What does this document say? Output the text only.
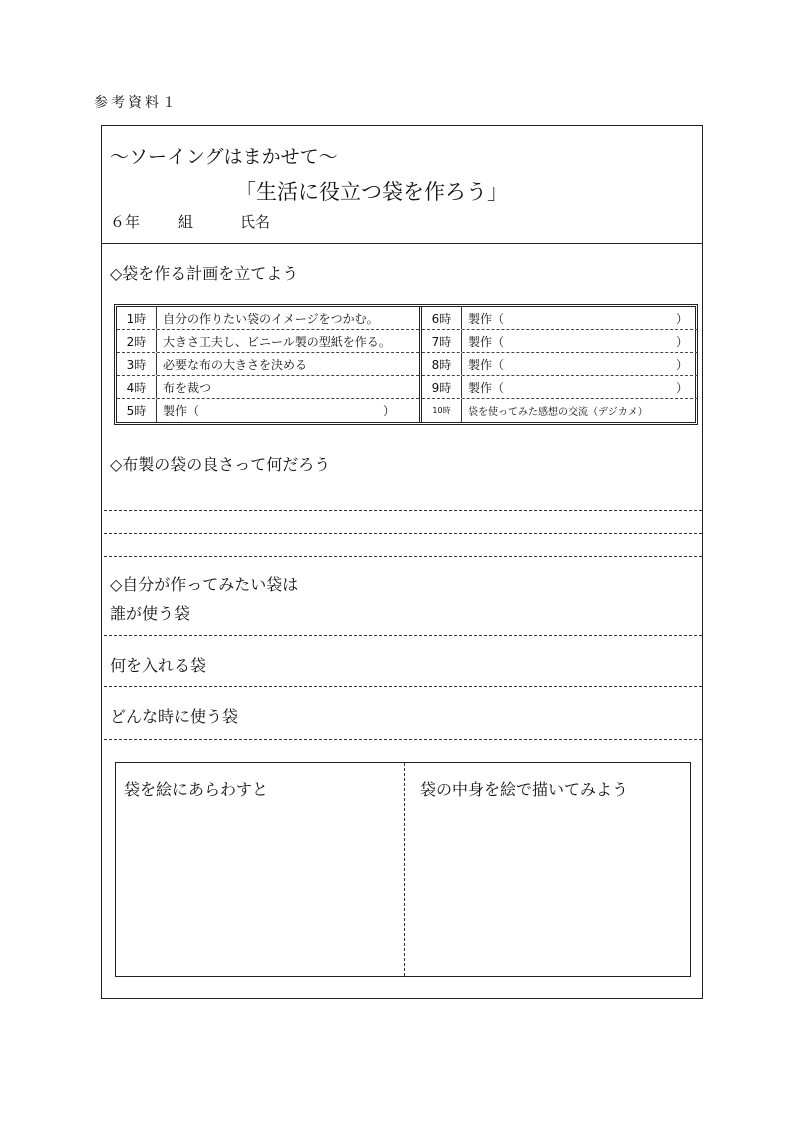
参考資料１
～ソーイングはまかせて～
「生活に役立つ袋を作ろう」
６年	組	氏名
◇袋を作る計画を立てよう
1時	自分の作りたい袋のイメージをつかむ。
2時	大きさ工夫し、ビニール製の型紙を作る。
3時	必要な布の大きさを決める
4時	布を裁つ
5時	製作（	）
6時	製作（	）
7時	製作（	）
8時	製作（	）
9時	製作（	）
10時	袋を使ってみた感想の交流（デジカメ）
◇布製の袋の良さって何だろう
◇自分が作ってみたい袋は
誰が使う袋
何を入れる袋
どんな時に使う袋
袋を絵にあらわすと	袋の中身を絵で描いてみよう
